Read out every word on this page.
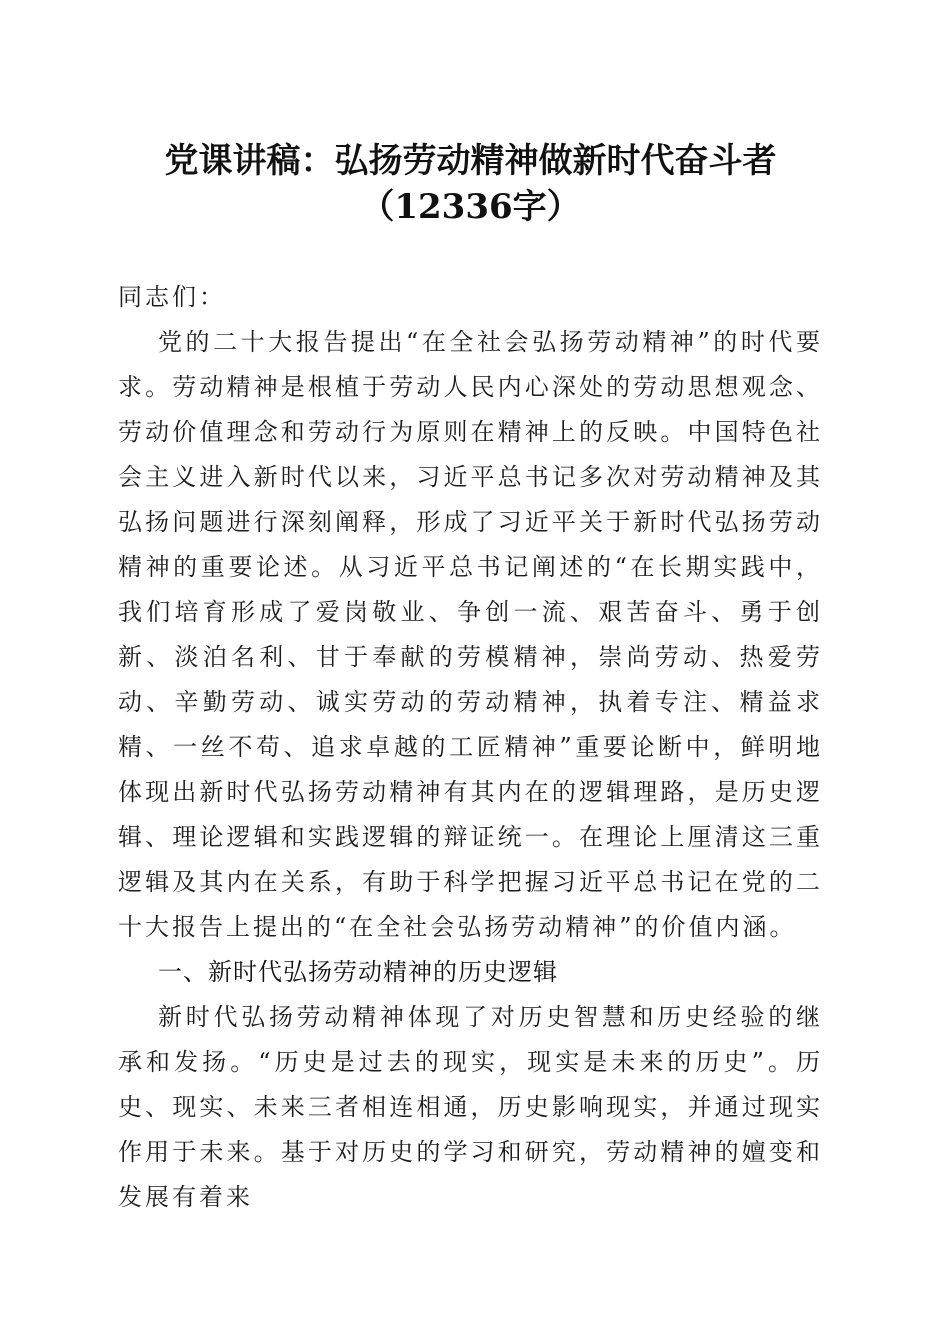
党课讲稿：弘扬劳动精神做新时代奋斗者
（12336字）

同志们：

党的二十大报告提出“在全社会弘扬劳动精神”的时代要求。劳动精神是根植于劳动人民内心深处的劳动思想观念、劳动价值理念和劳动行为原则在精神上的反映。中国特色社会主义进入新时代以来，习近平总书记多次对劳动精神及其弘扬问题进行深刻阐释，形成了习近平关于新时代弘扬劳动精神的重要论述。从习近平总书记阐述的“在长期实践中，我们培育形成了爱岗敬业、争创一流、艰苦奋斗、勇于创新、淡泊名利、甘于奉献的劳模精神，崇尚劳动、热爱劳动、辛勤劳动、诚实劳动的劳动精神，执着专注、精益求精、一丝不苟、追求卓越的工匠精神”重要论断中，鲜明地体现出新时代弘扬劳动精神有其内在的逻辑理路，是历史逻辑、理论逻辑和实践逻辑的辩证统一。在理论上厘清这三重逻辑及其内在关系，有助于科学把握习近平总书记在党的二十大报告上提出的“在全社会弘扬劳动精神”的价值内涵。

一、新时代弘扬劳动精神的历史逻辑

新时代弘扬劳动精神体现了对历史智慧和历史经验的继承和发扬。“历史是过去的现实，现实是未来的历史”。历史、现实、未来三者相连相通，历史影响现实，并通过现实作用于未来。基于对历史的学习和研究，劳动精神的嬗变和发展有着来
